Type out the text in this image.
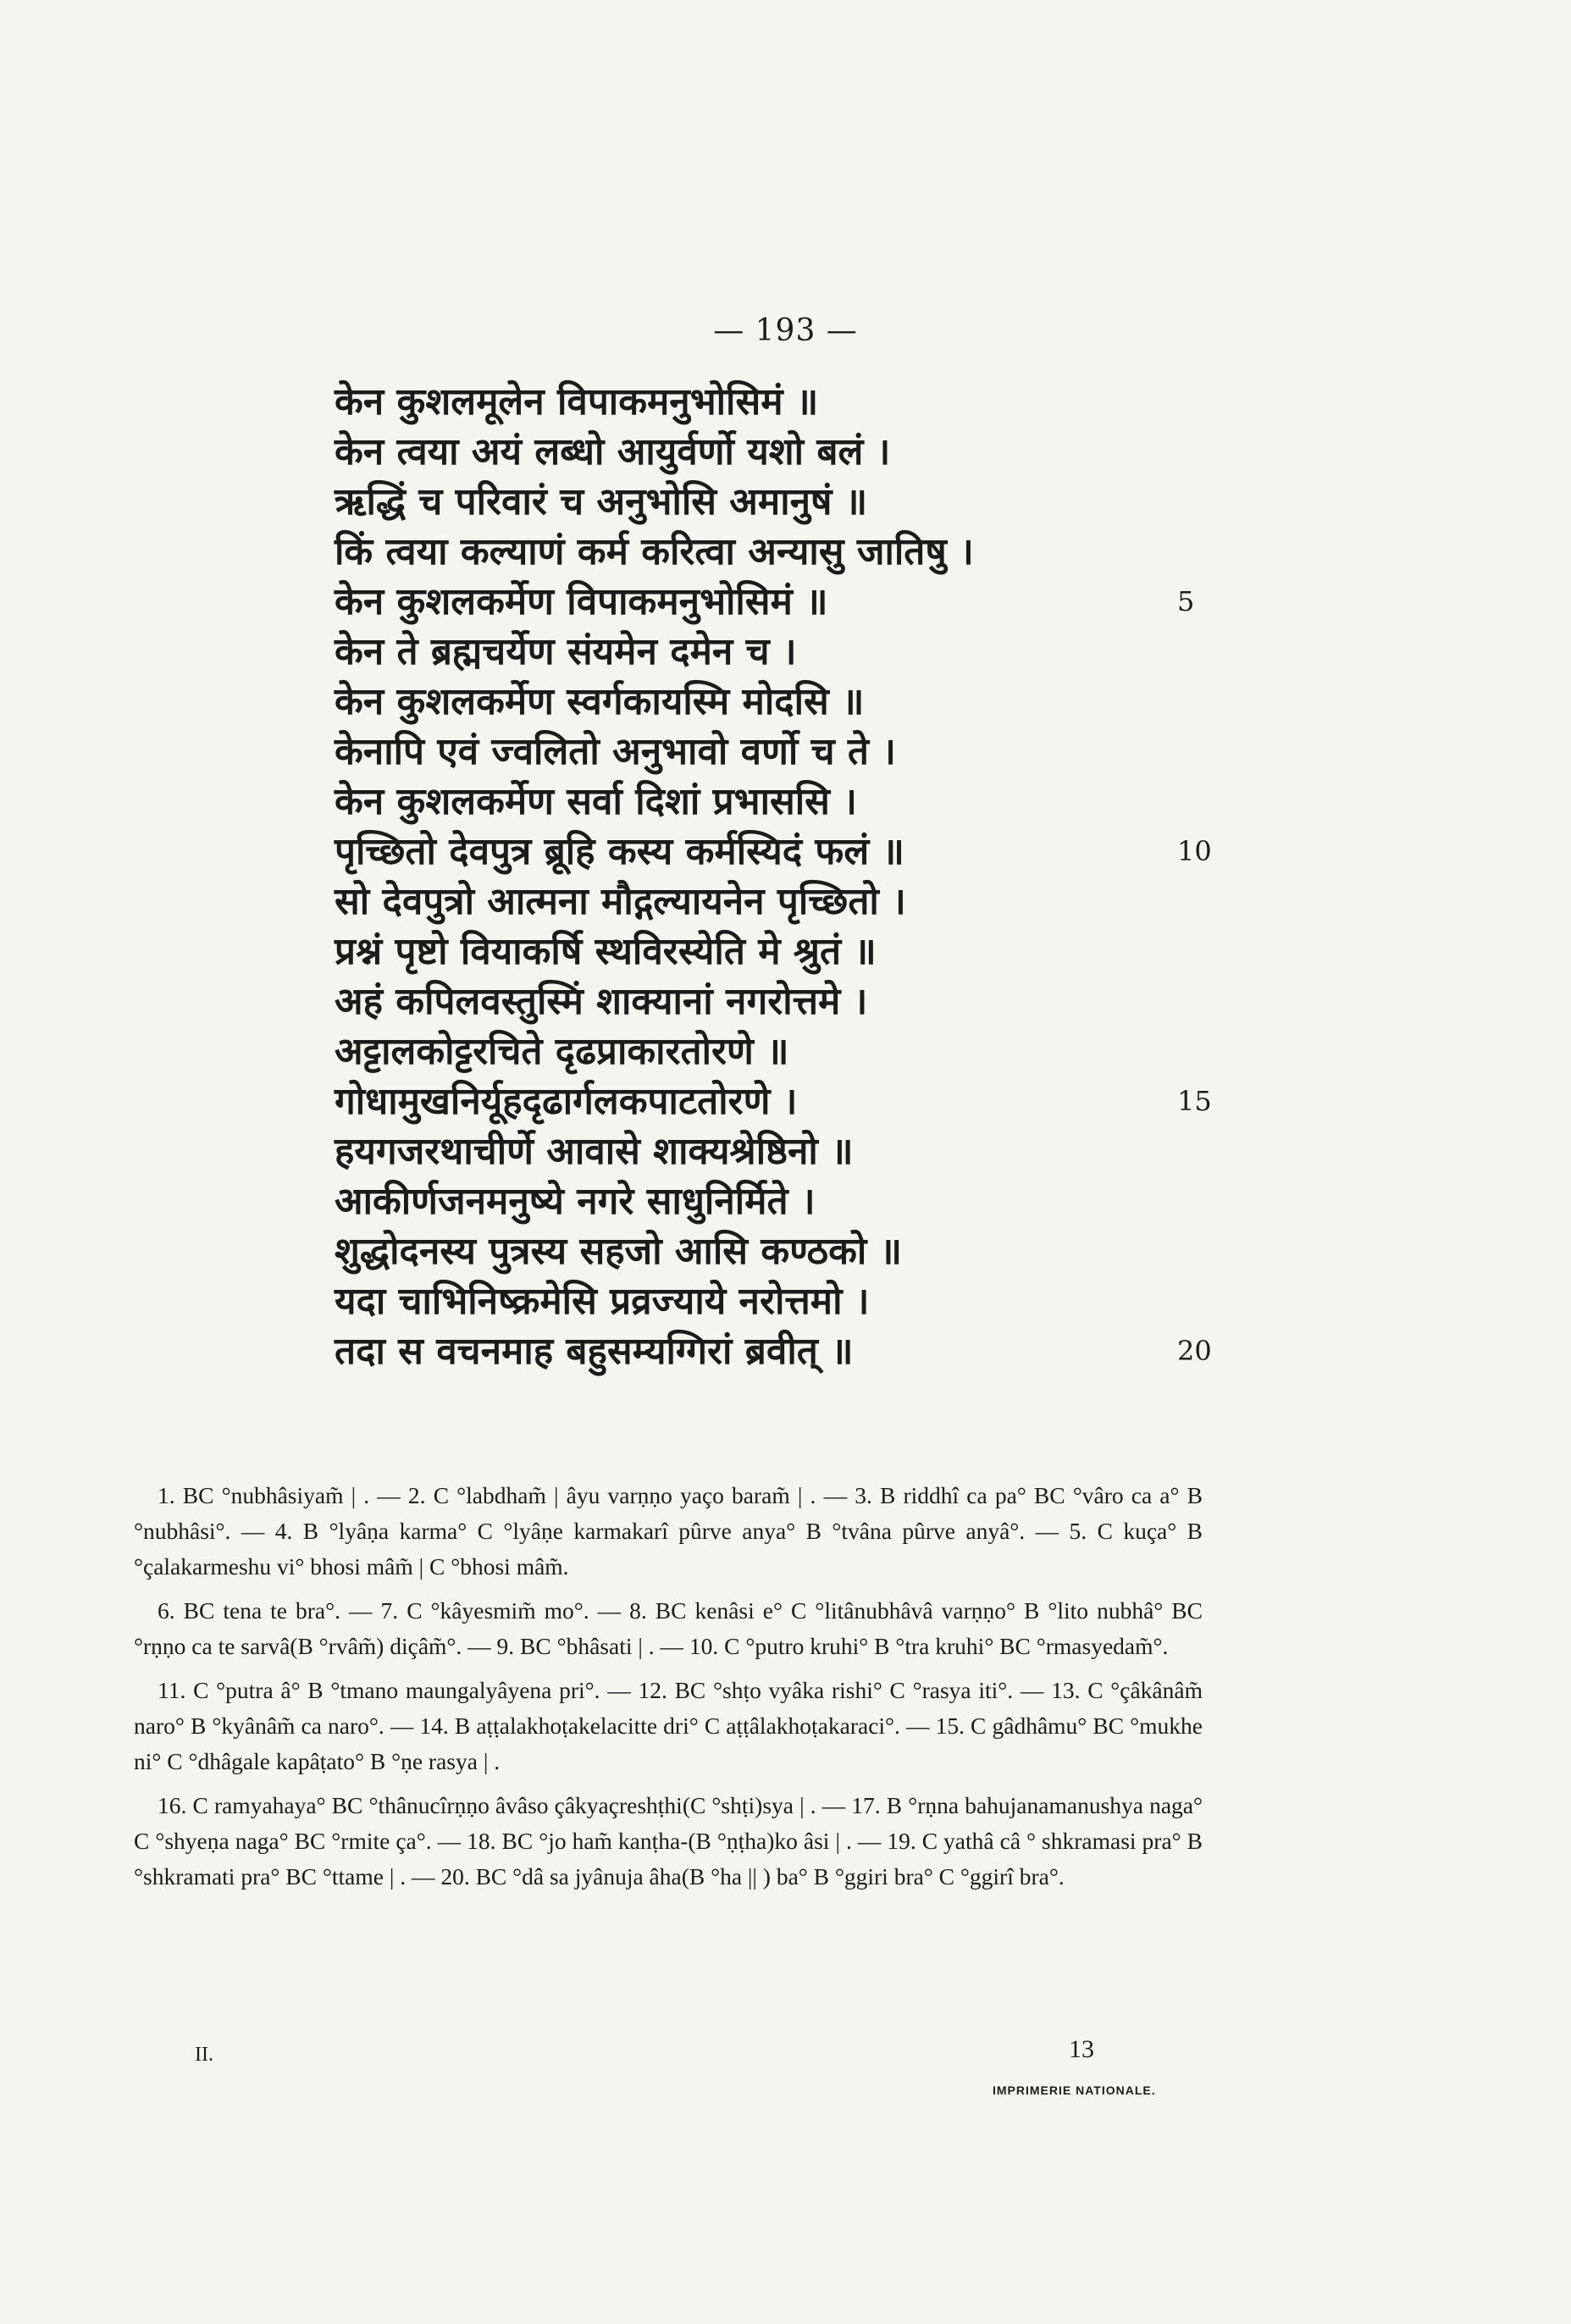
— 193 —
केन कुशलमूलेन विपाकमनुभोसिमं ॥
केन त्वया अयं लब्धो आयुर्वर्णो यशो बलं ।
ऋद्धिं च परिवारं च अनुभोसि अमानुषं ॥
किं त्वया कल्याणं कर्म करित्वा अन्यासु जातिषु ।
केन कुशलकर्मेण विपाकमनुभोसिमं ॥	5
केन ते ब्रह्मचर्येण संयमेन दमेन च ।
केन कुशलकर्मेण स्वर्गकायस्मि मोदसि ॥
केनापि एवं ज्वलितो अनुभावो वर्णो च ते ।
केन कुशलकर्मेण सर्वा दिशां प्रभाससि ।
पृच्छितो देवपुत्र ब्रूहि कस्य कर्मस्यिदं फलं ॥	10
सो देवपुत्रो आत्मना मौद्गल्यायनेन पृच्छितो ।
प्रश्नं पृष्टो वियाकर्षि स्थविरस्येति मे श्रुतं ॥
अहं कपिलवस्तुस्मिं शाक्यानां नगरोत्तमे ।
अट्टालकोट्टरचिते दृढप्राकारतोरणे ॥
गोधामुखनिर्यूहदृढार्गलकपाटतोरणे ।	15
हयगजरथाचीर्णे आवासे शाक्यश्रेष्ठिनो ॥
आकीर्णजनमनुष्ये नगरे साधुनिर्मिते ।
शुद्धोदनस्य पुत्रस्य सहजो आसि कण्ठको ॥
यदा चाभिनिष्क्रमेसि प्रव्रज्याये नरोत्तमो ।
तदा स वचनमाह बहुसम्यग्गिरां ब्रवीत् ॥	20

1. BC °nubhâsiyam̃ | . — 2. C °labdham̃ | âyu varṇṇo yaço baram̃ | . — 3. B riddhî ca pa° BC °vâro ca a° B °nubhâsi°. — 4. B °lyâṇa karma° C °lyâṇe karmakarî pûrve anya° B °tvâna pûrve anyâ°. — 5. C kuça° B °çalakarmeshu vi° bhosi mâm̃ | C °bhosi mâm̃.

6. BC tena te bra°. — 7. C °kâyesmim̃ mo°. — 8. BC kenâsi e° C °litânubhâvâ varṇṇo° B °lito nubhâ° BC °rṇṇo ca te sarvâ(B °rvâm̃) diçâm̃°. — 9. BC °bhâsati | . — 10. C °putro kruhi° B °tra kruhi° BC °rmasyedam̃°.

11. C °putra â° B °tmano maungalyâyena pri°. — 12. BC °shṭo vyâka rishi° C °rasya iti°. — 13. C °çâkânâm̃ naro° B °kyânâm̃ ca naro°. — 14. B aṭṭalakhoṭakelacitte dri° C aṭṭâlakhoṭakaraci°. — 15. C gâdhâmu° BC °mukhe ni° C °dhâgale kapâṭato° B °ṇe rasya | .

16. C ramyahaya° BC °thânucîrṇṇo âvâso çâkyaçreshṭhi(C °shṭi)sya | . — 17. B °rṇna bahujanamanushya naga° C °shyeṇa naga° BC °rmite ça°. — 18. BC °jo ham̃ kanṭha-(B °ṇṭha)ko âsi | . — 19. C yathâ câ ° shkramasi pra° B °shkramati pra° BC °ttame | . — 20. BC °dâ sa jyânuja âha(B °ha || ) ba° B °ggiri bra° C °ggirî bra°.

II.	13
IMPRIMERIE NATIONALE.
